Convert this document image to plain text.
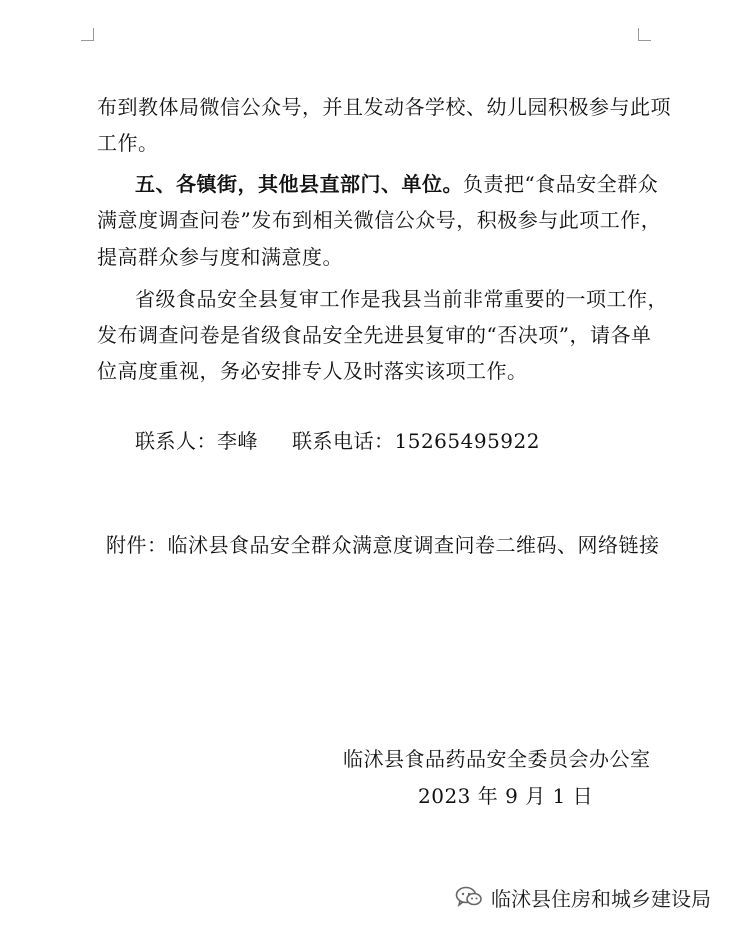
布到教体局微信公众号，并且发动各学校、幼儿园积极参与此项
工作。
五、各镇街，其他县直部门、单位。负责把“食品安全群众
满意度调查问卷”发布到相关微信公众号，积极参与此项工作，
提高群众参与度和满意度。
省级食品安全县复审工作是我县当前非常重要的一项工作，
发布调查问卷是省级食品安全先进县复审的“否决项”，请各单
位高度重视，务必安排专人及时落实该项工作。
联系人：李峰 联系电话：15265495922
附件：临沭县食品安全群众满意度调查问卷二维码、网络链接
临沭县食品药品安全委员会办公室
2023 年 9 月 1 日
临沭县住房和城乡建设局
